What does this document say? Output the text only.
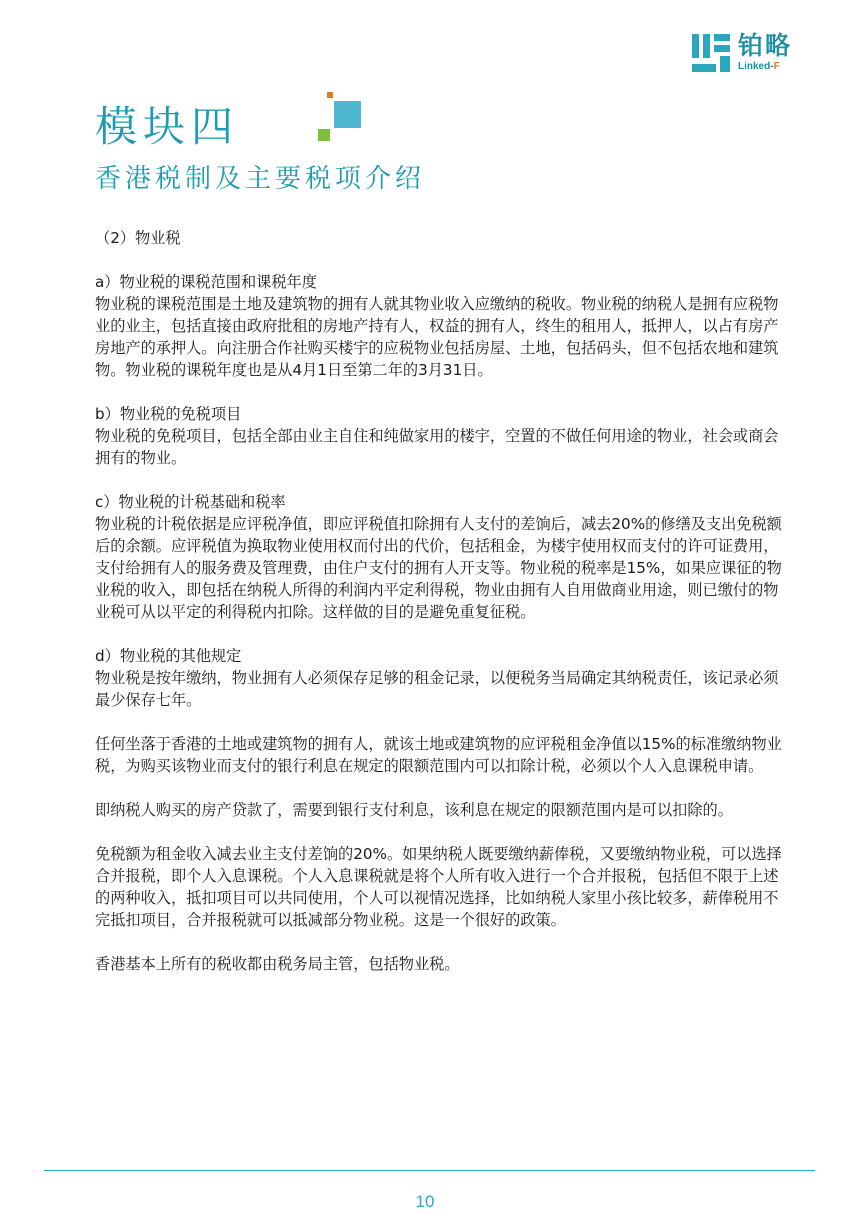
铂略
Linked-F
模块四
香港税制及主要税项介绍

（2）物业税

a）物业税的课税范围和课税年度

物业税的课税范围是土地及建筑物的拥有人就其物业收入应缴纳的税收。物业税的纳税人是拥有应税物业的业主，包括直接由政府批租的房地产持有人，权益的拥有人，终生的租用人，抵押人，以占有房产房地产的承押人。向注册合作社购买楼宇的应税物业包括房屋、土地，包括码头，但不包括农地和建筑物。物业税的课税年度也是从4月1日至第二年的3月31日。

b）物业税的免税项目

物业税的免税项目，包括全部由业主自住和纯做家用的楼宇，空置的不做任何用途的物业，社会或商会拥有的物业。

c）物业税的计税基础和税率

物业税的计税依据是应评税净值，即应评税值扣除拥有人支付的差饷后，减去20%的修缮及支出免税额后的余额。应评税值为换取物业使用权而付出的代价，包括租金，为楼宇使用权而支付的许可证费用，支付给拥有人的服务费及管理费，由住户支付的拥有人开支等。物业税的税率是15%，如果应课征的物业税的收入，即包括在纳税人所得的利润内平定利得税，物业由拥有人自用做商业用途，则已缴付的物业税可从以平定的利得税内扣除。这样做的目的是避免重复征税。

d）物业税的其他规定

物业税是按年缴纳，物业拥有人必须保存足够的租金记录，以便税务当局确定其纳税责任，该记录必须最少保存七年。

任何坐落于香港的土地或建筑物的拥有人，就该土地或建筑物的应评税租金净值以15%的标准缴纳物业税，为购买该物业而支付的银行利息在规定的限额范围内可以扣除计税，必须以个人入息课税申请。

即纳税人购买的房产贷款了，需要到银行支付利息，该利息在规定的限额范围内是可以扣除的。

免税额为租金收入减去业主支付差饷的20%。如果纳税人既要缴纳薪俸税，又要缴纳物业税，可以选择合并报税，即个人入息课税。个人入息课税就是将个人所有收入进行一个合并报税，包括但不限于上述的两种收入，抵扣项目可以共同使用，个人可以视情况选择，比如纳税人家里小孩比较多，薪俸税用不完抵扣项目，合并报税就可以抵减部分物业税。这是一个很好的政策。

香港基本上所有的税收都由税务局主管，包括物业税。

10
